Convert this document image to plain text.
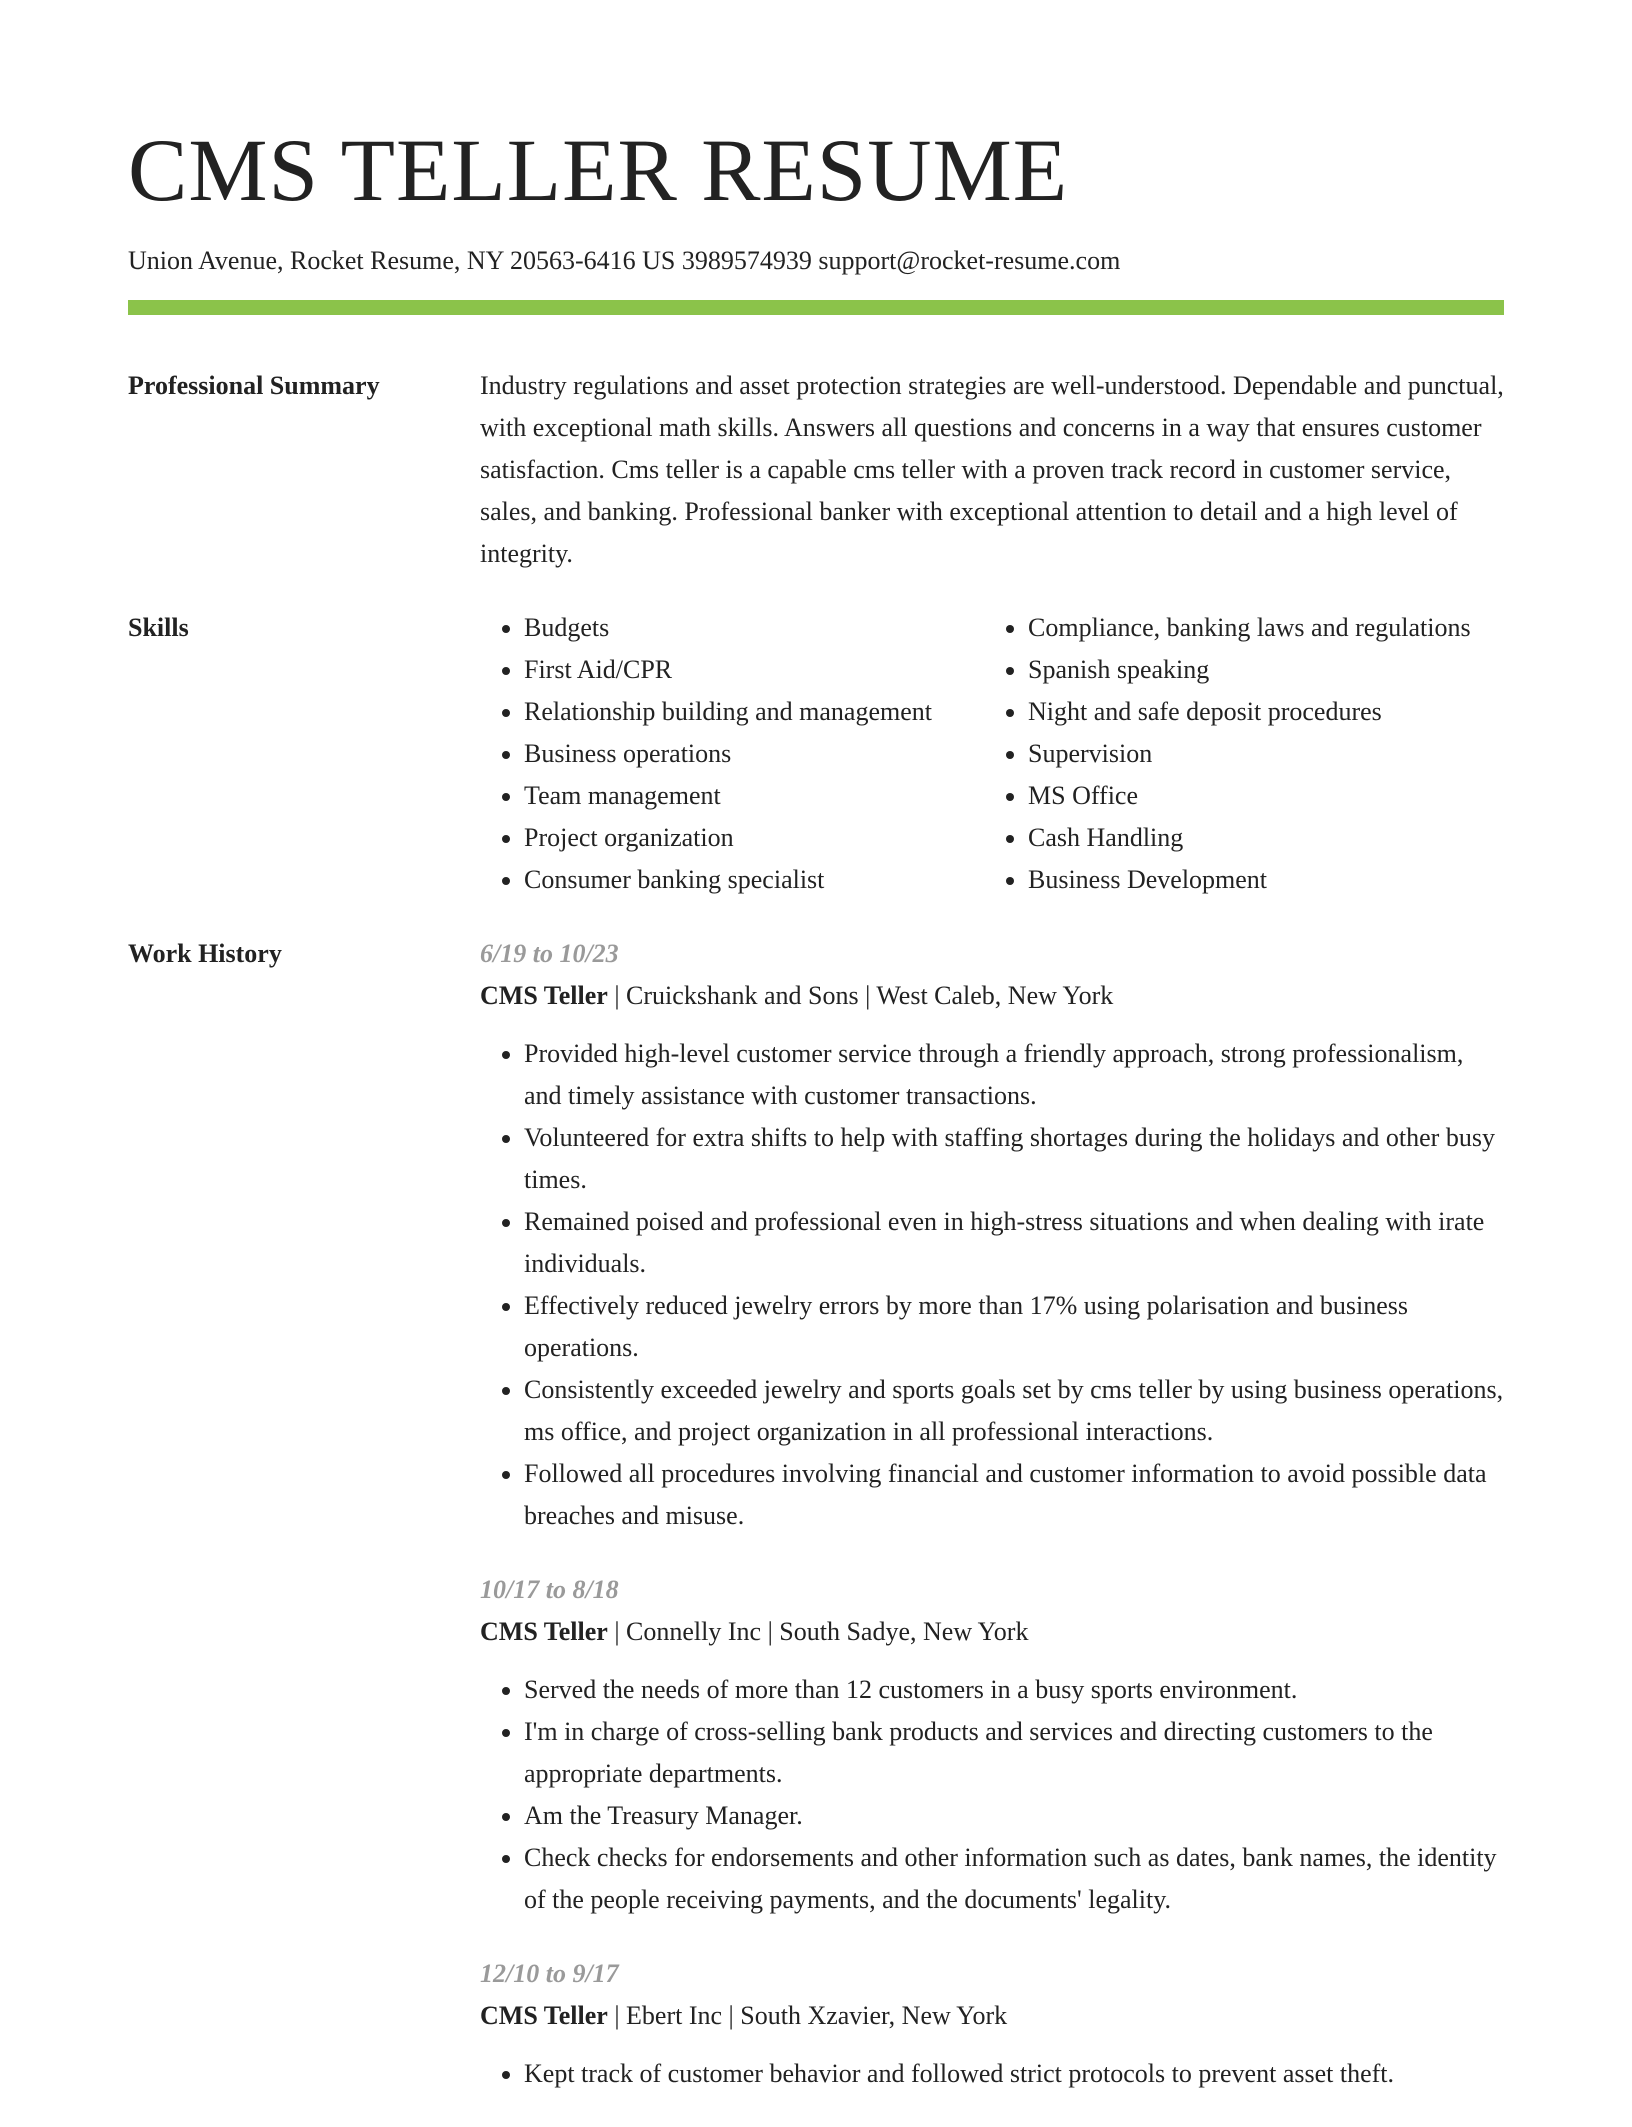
CMS TELLER RESUME
Union Avenue, Rocket Resume, NY 20563-6416 US 3989574939 support@rocket-resume.com
Professional Summary	Industry regulations and asset protection strategies are well-understood. Dependable and punctual, with exceptional math skills. Answers all questions and concerns in a way that ensures customer satisfaction. Cms teller is a capable cms teller with a proven track record in customer service, sales, and banking. Professional banker with exceptional attention to detail and a high level of integrity.

Skills
•	Budgets
• First Aid/CPR
• Relationship building and management
• Business operations
• Team management
• Project organization
• Consumer banking specialist
• Compliance, banking laws and regulations
• Spanish speaking
• Night and safe deposit procedures
• Supervision
• MS Office
• Cash Handling
• Business Development
Work History	6/19 to 10/23
CMS Teller | Cruickshank and Sons | West Caleb, New York
• Provided high-level customer service through a friendly approach, strong professionalism, and timely assistance with customer transactions.
• Volunteered for extra shifts to help with staffing shortages during the holidays and other busy times.
• Remained poised and professional even in high-stress situations and when dealing with irate individuals.
• Effectively reduced jewelry errors by more than 17% using polarisation and business operations.
• Consistently exceeded jewelry and sports goals set by cms teller by using business operations, ms office, and project organization in all professional interactions.
• Followed all procedures involving financial and customer information to avoid possible data breaches and misuse.
10/17 to 8/18
CMS Teller | Connelly Inc | South Sadye, New York
• Served the needs of more than 12 customers in a busy sports environment.
• I'm in charge of cross-selling bank products and services and directing customers to the appropriate departments.
• Am the Treasury Manager.
• Check checks for endorsements and other information such as dates, bank names, the identity of the people receiving payments, and the documents' legality.
12/10 to 9/17
CMS Teller | Ebert Inc | South Xzavier, New York
• Kept track of customer behavior and followed strict protocols to prevent asset theft.
